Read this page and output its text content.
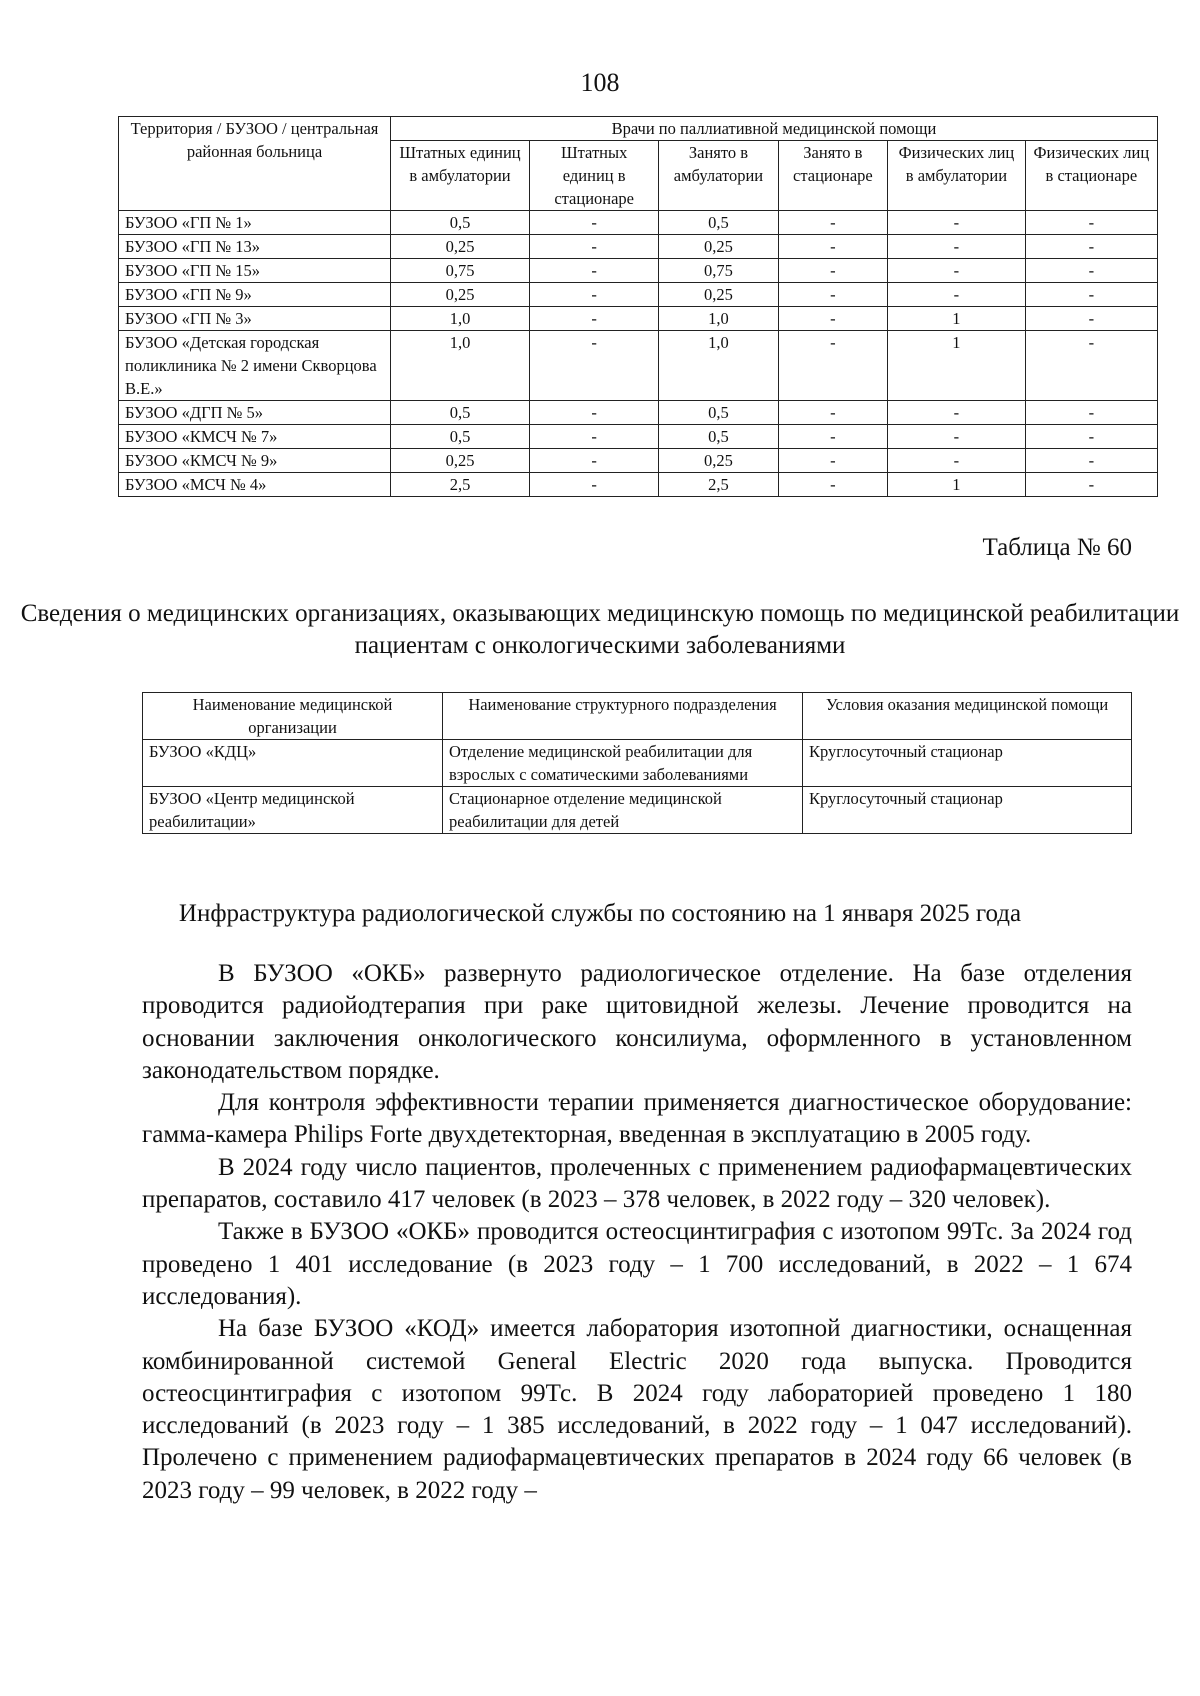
108
Территория / БУЗОО / центральная районная больница	Врачи по паллиативной медицинской помощи					
	Штатных единиц в амбулатории	Штатных единиц в стационаре	Занято в амбулатории	Занято в стационаре	Физических лиц в амбулатории	Физических лиц в стационаре
БУЗОО «ГП № 1»	0,5	-	0,5	-	-	-
БУЗОО «ГП № 13»	0,25	-	0,25	-	-	-
БУЗОО «ГП № 15»	0,75	-	0,75	-	-	-
БУЗОО «ГП № 9»	0,25	-	0,25	-	-	-
БУЗОО «ГП № 3»	1,0	-	1,0	-	1	-
БУЗОО «Детская городская поликлиника № 2 имени Скворцова В.Е.»	1,0	-	1,0	-	1	-
БУЗОО «ДГП № 5»	0,5	-	0,5	-	-	-
БУЗОО «КМСЧ № 7»	0,5	-	0,5	-	-	-
БУЗОО «КМСЧ № 9»	0,25	-	0,25	-	-	-
БУЗОО «МСЧ № 4»	2,5	-	2,5	-	1	-
Таблица № 60
Сведения о медицинских организациях, оказывающих медицинскую помощь по медицинской реабилитации пациентам с онкологическими заболеваниями
Наименование медицинской организации	Наименование структурного подразделения	Условия оказания медицинской помощи
БУЗОО «КДЦ»	Отделение медицинской реабилитации для взрослых с соматическими заболеваниями	Круглосуточный стационар
БУЗОО «Центр медицинской реабилитации»	Стационарное отделение медицинской реабилитации для детей	Круглосуточный стационар
Инфраструктура радиологической службы по состоянию на 1 января 2025 года

В БУЗОО «ОКБ» развернуто радиологическое отделение. На базе отделения проводится радиойодтерапия при раке щитовидной железы. Лечение проводится на основании заключения онкологического консилиума, оформленного в установленном законодательством порядке.

Для контроля эффективности терапии применяется диагностическое оборудование: гамма-камера Philips Forte двухдетекторная, введенная в эксплуатацию в 2005 году.

В 2024 году число пациентов, пролеченных с применением радиофармацевтических препаратов, составило 417 человек (в 2023 – 378 человек, в 2022 году – 320 человек).

Также в БУЗОО «ОКБ» проводится остеосцинтиграфия с изотопом 99Тс. За 2024 год проведено 1 401 исследование (в 2023 году – 1 700 исследований, в 2022 – 1 674 исследования).

На базе БУЗОО «КОД» имеется лаборатория изотопной диагностики, оснащенная комбинированной системой General Electric 2020 года выпуска. Проводится остеосцинтиграфия с изотопом 99Тс. В 2024 году лабораторией проведено 1 180 исследований (в 2023 году – 1 385 исследований, в 2022 году – 1 047 исследований). Пролечено с применением радиофармацевтических препаратов в 2024 году 66 человек (в 2023 году – 99 человек, в 2022 году –
